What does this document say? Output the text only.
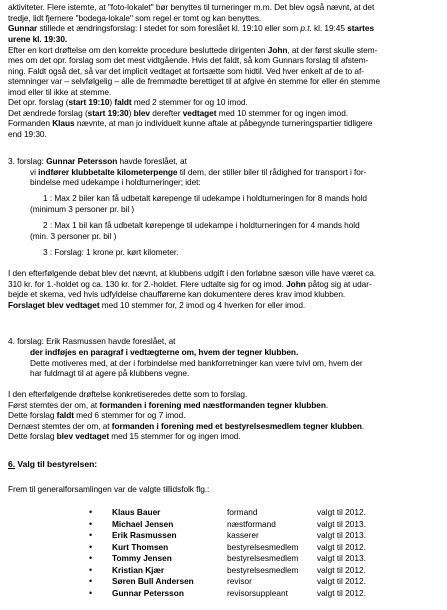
aktiviteter. Flere istemte, at "foto-lokalet" bør benyttes til turneringer m.m. Det blev også nævnt, at det
tredje, lidt fjernere "bodega-lokale" som regel er tomt og kan benyttes.
Gunnar stillede et ændringsforslag: I stedet for som foreslået kl. 19:10 eller som p.t. kl. 19:45 startes
urene kl. 19:30.
Efter en kort drøftelse om den korrekte procedure besluttede dirigenten John, at der først skulle stem-
mes om det opr. forslag som det mest vidtgående. Hvis det faldt, så kom Gunnars forslag til afstem-
ning. Faldt også det, så var det implicit vedtaget at fortsætte som hidtil. Ved hver enkelt af de to af-
stemninger var – selvfølgelig – alle de fremmødte berettiget til at afgive én stemme for eller én stemme
imod eller til ikke at stemme.
Det opr. forslag (start 19:10) faldt med 2 stemmer for og 10 imod.
Det ændrede forslag (start 19:30) blev derefter vedtaget med 10 stemmer for og ingen imod.
Formanden Klaus nævnte, at man jo individuelt kunne aftale at påbegynde turneringspartier tidligere
end 19:30.
3. forslag: Gunnar Petersson havde foreslået, at
vi indfører klubbetalte kilometerpenge til dem, der stiller biler til rådighed for transport i for-
bindelse med udekampe i holdturneringer; idet:
1 : Max 2 biler kan få udbetalt kørepenge til udekampe i holdturneringen for 8 mands hold
(minimum 3 personer pr. bil )
2 : Max 1 bil kan få udbetalt kørepenge til udekampe i holdturneringen for 4 mands hold
(min. 3 personer pr. bil )
3 : Forslag: 1 krone pr. kørt kilometer.
I den efterfølgende debat blev det nævnt, at klubbens udgift i den forløbne sæson ville have været ca.
310 kr. for 1.-holdet og ca. 130 kr. for 2.-holdet. Flere udtalte sig for og imod. John påtog sig at udar-
bejde et skema, ved hvis udfyldelse chaufførerne kan dokumentere deres krav imod klubben.
Forslaget blev vedtaget med 10 stemmer for, 2 imod og 4 hverken for eller imod.
4. forslag: Erik Rasmussen havde foreslået, at
der indføjes en paragraf i vedtægterne om, hvem der tegner klubben.
Dette motiveres med, at der i forbindelse med bankforretninger kan være tvivl om, hvem der
har fuldmagt til at agere på klubbens vegne.
I den efterfølgende drøftelse konkretiseredes dette som to forslag.
Først stemtes der om, at formanden i forening med næstformanden tegner klubben.
Dette forslag faldt med 6 stemmer for og 7 imod.
Dernæst stemtes der om, at formanden i forening med et bestyrelsesmedlem tegner klubben.
Dette forslag blev vedtaget med 15 stemmer for og ingen imod.
6. Valg til bestyrelsen:
Frem til generalforsamlingen var de valgte tillidsfolk flg.:
• Klaus Bauer	formand	valgt til 2012.
• Michael Jensen	næstformand	valgt til 2013.
• Erik Rasmussen	kasserer	valgt til 2013.
• Kurt Thomsen	bestyrelsesmedlem valgt til 2012.
• Tommy Jensen	bestyrelsesmedlem valgt til 2013.
• Kristian Kjær	bestyrelsesmedlem valgt til 2012.
• Søren Bull Andersen	revisor	valgt til 2012.
• Gunnar Petersson	revisorsuppleant	valgt til 2012.
